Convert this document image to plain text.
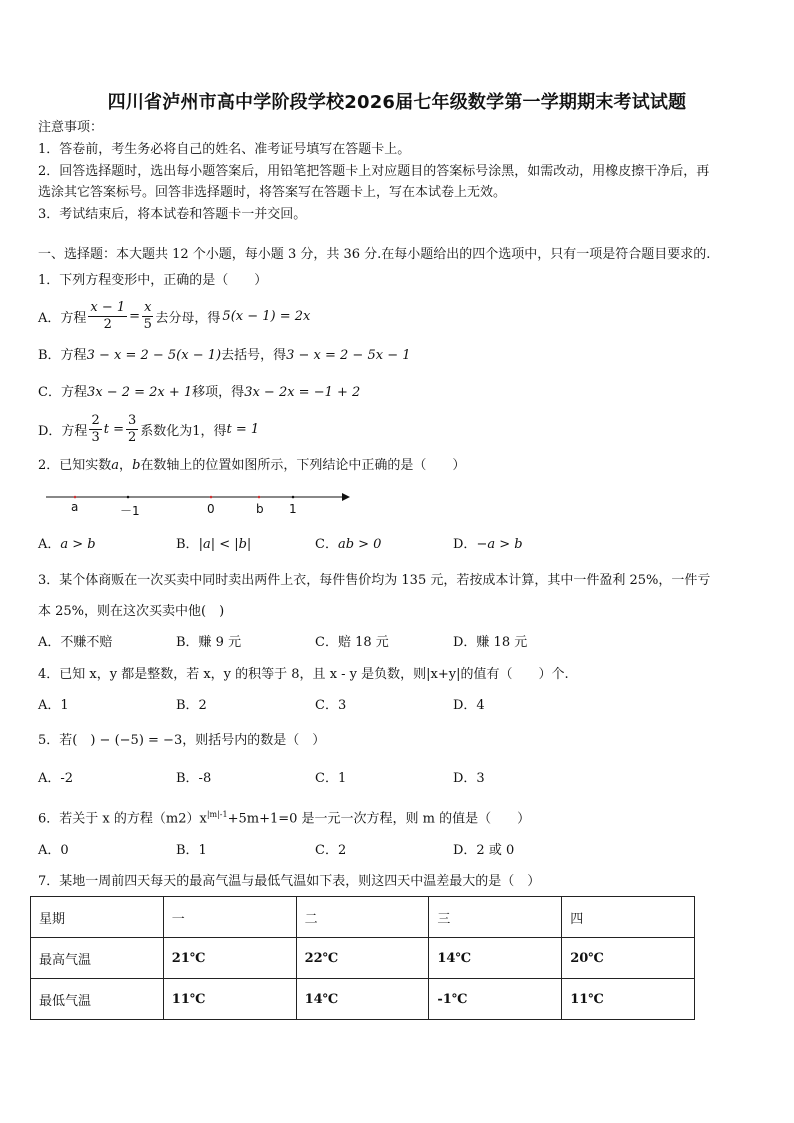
四川省泸州市高中学阶段学校2026届七年级数学第一学期期末考试试题
注意事项：
1．答卷前，考生务必将自己的姓名、准考证号填写在答题卡上。
2．回答选择题时，选出每小题答案后，用铅笔把答题卡上对应题目的答案标号涂黑，如需改动，用橡皮擦干净后，再
选涂其它答案标号。回答非选择题时，将答案写在答题卡上，写在本试卷上无效。
3．考试结束后，将本试卷和答题卡一并交回。
一、选择题：本大题共 12 个小题，每小题 3 分，共 36 分.在每小题给出的四个选项中，只有一项是符合题目要求的.
1．下列方程变形中，正确的是（　　）
A．方程 $\frac{x - 1}{2} = \frac{x}{5}$ 去分母，得 5(x − 1) = 2x
B．方程3 − x = 2 − 5(x − 1)去括号，得3 − x = 2 − 5x − 1
C．方程3x − 2 = 2x + 1移项，得3x − 2x = −1 + 2
D．方程
2
3
$t = \frac{3}{2}$ 系数化为1，得 t = 1
2．已知实数a，b在数轴上的位置如图所示，下列结论中正确的是（　　）
a	－1	0	b 1
A．a > b	B．|a| < |b|	C．ab > 0	D．−a > b
3．某个体商贩在一次买卖中同时卖出两件上衣，每件售价均为 135 元，若按成本计算，其中一件盈利 25%，一件亏
本 25%，则在这次买卖中他(　)
A．不赚不赔	B．赚 9 元	C．赔 18 元	D．赚 18 元
4．已知 x，y 都是整数，若 x，y 的积等于 8，且 x - y 是负数，则|x+y|的值有（　　）个.
A．1	B．2	C．3	D．4
5．若(　) − (−5) = −3，则括号内的数是（　）
A．-2	B．-8	C．1	D．3
6．若关于 x 的方程$(m2)x^{|m|-1}+5m+1=0$ 是一元一次方程，则 m 的值是（　　）
A．0	B．1	C．2	D．2 或 0
7．某地一周前四天每天的最高气温与最低气温如下表，则这四天中温差最大的是（　）
星期	一	二	三	四
最高气温	21℃	22℃	14℃	20℃
最低气温	11℃	14℃	-1℃	11℃
